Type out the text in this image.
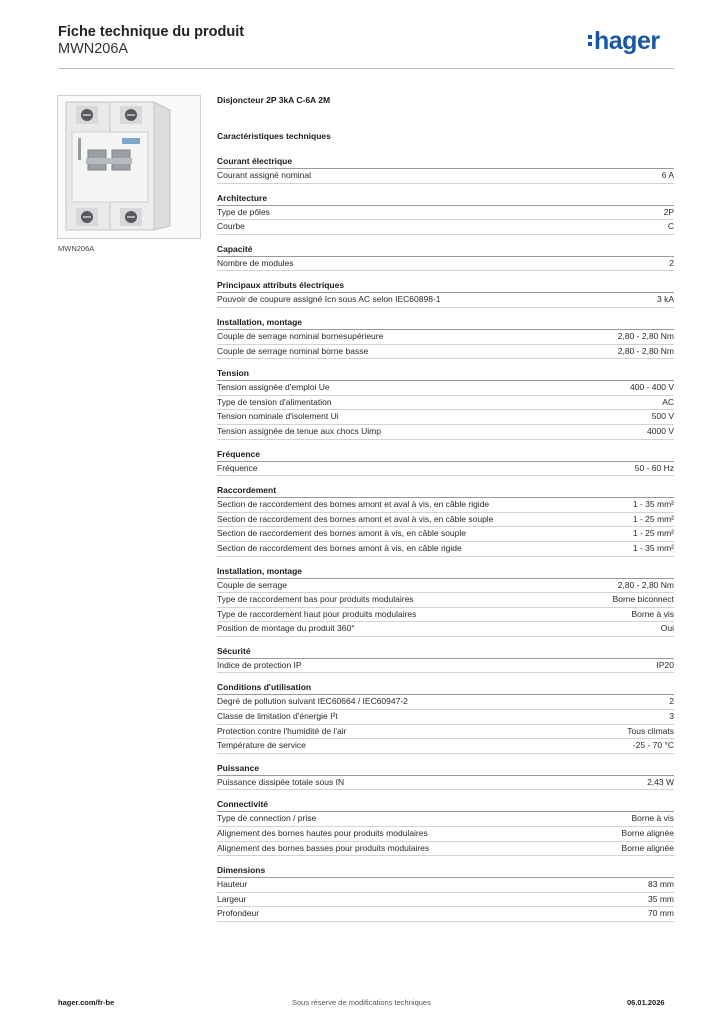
Fiche technique du produit
MWN206A	hager
MWN206A
Disjoncteur 2P 3kA C-6A 2M
Caractéristiques techniques
Courant électrique
Courant assigné nominal	6 A
Architecture
Type de pôles	2P
Courbe	C
Capacité
Nombre de modules	2
Principaux attributs électriques
Pouvoir de coupure assigné Icn sous AC selon IEC60898-1	3 kA
Installation, montage
Couple de serrage nominal bornesupérieure	2,80 - 2,80 Nm
Couple de serrage nominal borne basse	2,80 - 2,80 Nm
Tension
Tension assignée d'emploi Ue	400 - 400 V
Type de tension d'alimentation	AC
Tension nominale d'isolement Ui	500 V
Tension assignée de tenue aux chocs Uimp	4000 V
Fréquence
Fréquence	50 - 60 Hz
Raccordement
Section de raccordement des bornes amont et aval à vis, en câble rigide	1 - 35 mm²
Section de raccordement des bornes amont et aval à vis, en câble souple	1 - 25 mm²
Section de raccordement des bornes amont à vis, en câble souple	1 - 25 mm²
Section de raccordement des bornes amont à vis, en câble rigide	1 - 35 mm²
Installation, montage
Couple de serrage	2,80 - 2,80 Nm
Type de raccordement bas pour produits modulaires	Borne biconnect
Type de raccordement haut pour produits modulaires	Borne à vis
Position de montage du produit 360°	Oui
Sécurité
Indice de protection IP	IP20
Conditions d'utilisation
Degré de pollution suivant IEC60664 / IEC60947-2	2
Classe de limitation d'énergie I²t	3
Protection contre l'humidité de l'air	Tous climats
Température de service	-25 - 70 °C
Puissance
Puissance dissipée totale sous IN	2,43 W
Connectivité
Type de connection / prise	Borne à vis
Alignement des bornes hautes pour produits modulaires	Borne alignée
Alignement des bornes basses pour produits modulaires	Borne alignée
Dimensions
Hauteur	83 mm
Largeur	35 mm
Profondeur	70 mm
hager.com/fr-be	Sous réserve de modifications techniques	06.01.2026
